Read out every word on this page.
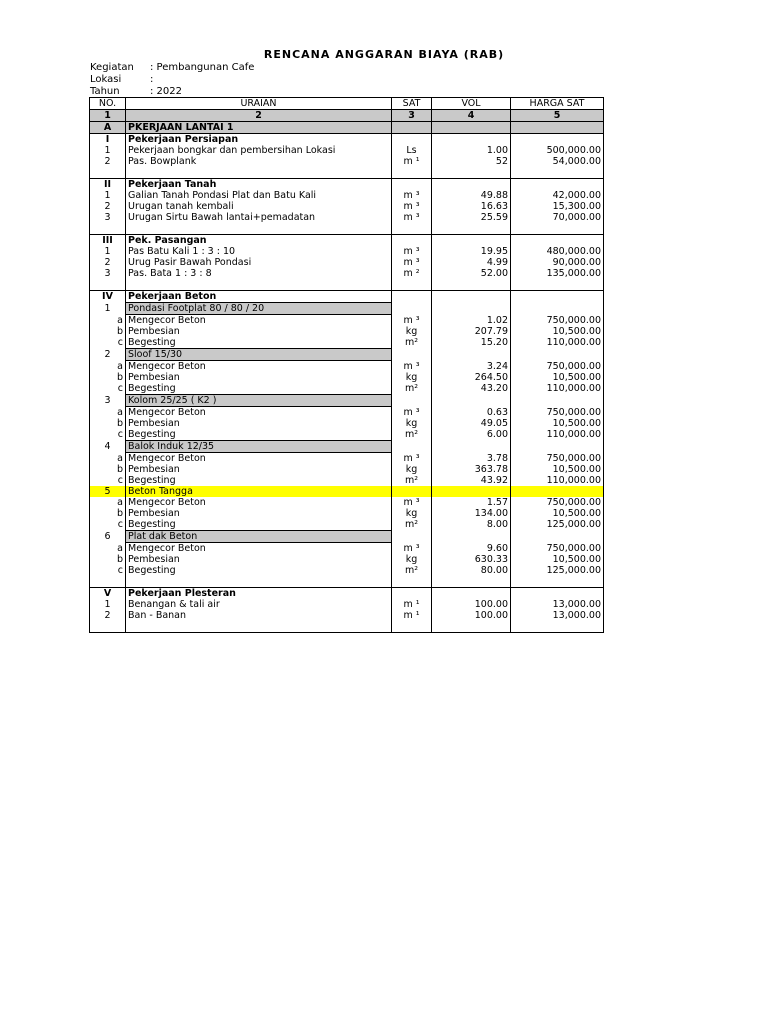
RENCANA ANGGARAN BIAYA (RAB)
Kegiatan : Pembangunan Cafe
Lokasi	:
Tahun	: 2022
NO.	URAIAN	SAT	VOL	HARGA SAT
1	2	3	4	5
A	PKERJAAN LANTAI 1			
I	Pekerjaan Persiapan			
1	Pekerjaan bongkar dan pembersihan Lokasi	Ls	1.00	500,000.00
2	Pas. Bowplank	m ¹	52	54,000.00

II	Pekerjaan Tanah			
1	Galian Tanah Pondasi Plat dan Batu Kali	m ³	49.88	42,000.00
2	Urugan tanah kembali	m ³	16.63	15,300.00
3	Urugan Sirtu Bawah lantai+pemadatan	m ³	25.59	70,000.00

III	Pek. Pasangan			
1	Pas Batu Kali 1 : 3 : 10	m ³	19.95	480,000.00
2	Urug Pasir Bawah Pondasi	m ³	4.99	90,000.00
3	Pas. Bata 1 : 3 : 8	m ²	52.00	135,000.00

IV	Pekerjaan Beton			
1	Pondasi Footplat 80 / 80 / 20			
a	Mengecor Beton	m ³	1.02	750,000.00
b	Pembesian	kg	207.79	10,500.00
c	Begesting	m²	15.20	110,000.00
2	Sloof 15/30			
a	Mengecor Beton	m ³	3.24	750,000.00
b	Pembesian	kg	264.50	10,500.00
c	Begesting	m²	43.20	110,000.00
3	Kolom 25/25 ( K2 )			
a	Mengecor Beton	m ³	0.63	750,000.00
b	Pembesian	kg	49.05	10,500.00
c	Begesting	m²	6.00	110,000.00
4	Balok Induk 12/35			
a	Mengecor Beton	m ³	3.78	750,000.00
b	Pembesian	kg	363.78	10,500.00
c	Begesting	m²	43.92	110,000.00
5	Beton Tangga			
a	Mengecor Beton	m ³	1.57	750,000.00
b	Pembesian	kg	134.00	10,500.00
c	Begesting	m²	8.00	125,000.00
6	Plat dak Beton			
a	Mengecor Beton	m ³	9.60	750,000.00
b	Pembesian	kg	630.33	10,500.00
c	Begesting	m²	80.00	125,000.00

V	Pekerjaan Plesteran			
1	Benangan & tali air	m ¹	100.00	13,000.00
2	Ban - Banan	m ¹	100.00	13,000.00
